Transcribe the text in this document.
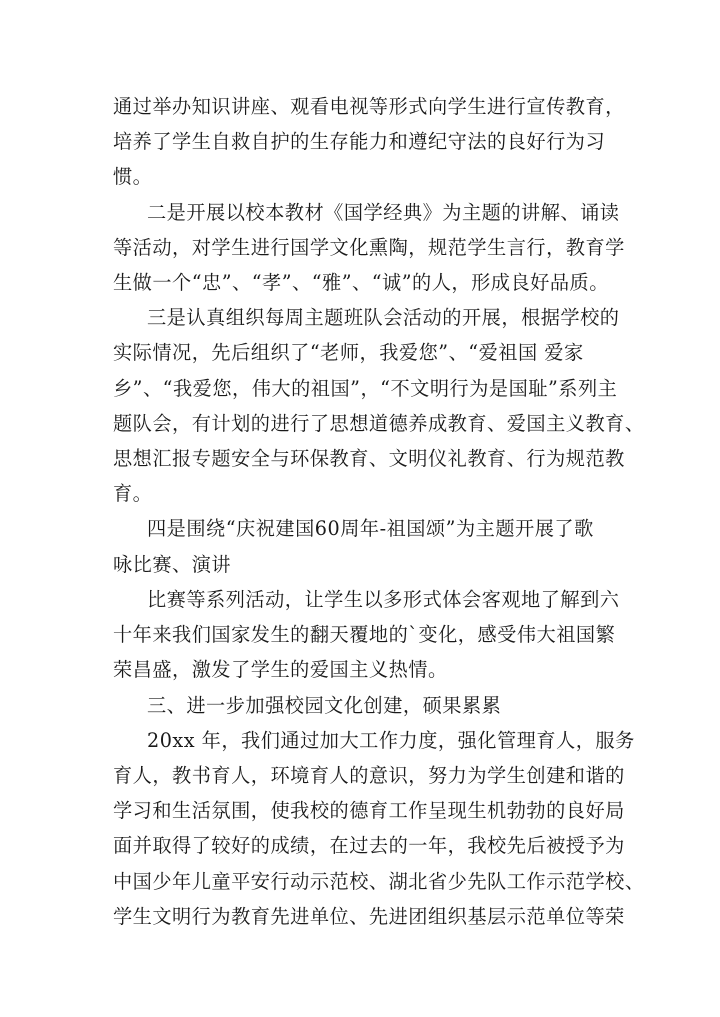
通过举办知识讲座、观看电视等形式向学生进行宣传教育，
培养了学生自救自护的生存能力和遵纪守法的良好行为习
惯。
二是开展以校本教材《国学经典》为主题的讲解、诵读
等活动，对学生进行国学文化熏陶，规范学生言行，教育学
生做一个“忠”、“孝”、“雅”、“诚”的人，形成良好品质。
三是认真组织每周主题班队会活动的开展，根据学校的
实际情况，先后组织了“老师，我爱您”、“爱祖国 爱家
乡”、“我爱您，伟大的祖国”，“不文明行为是国耻”系列主
题队会，有计划的进行了思想道德养成教育、爱国主义教育、
思想汇报专题安全与环保教育、文明仪礼教育、行为规范教
育。
四是围绕“庆祝建国60周年-祖国颂”为主题开展了歌
咏比赛、演讲
比赛等系列活动，让学生以多形式体会客观地了解到六
十年来我们国家发生的翻天覆地的`变化，感受伟大祖国繁
荣昌盛，激发了学生的爱国主义热情。
三、进一步加强校园文化创建，硕果累累
20xx 年，我们通过加大工作力度，强化管理育人，服务
育人，教书育人，环境育人的意识，努力为学生创建和谐的
学习和生活氛围，使我校的德育工作呈现生机勃勃的良好局
面并取得了较好的成绩，在过去的一年，我校先后被授予为
中国少年儿童平安行动示范校、湖北省少先队工作示范学校、
学生文明行为教育先进单位、先进团组织基层示范单位等荣
